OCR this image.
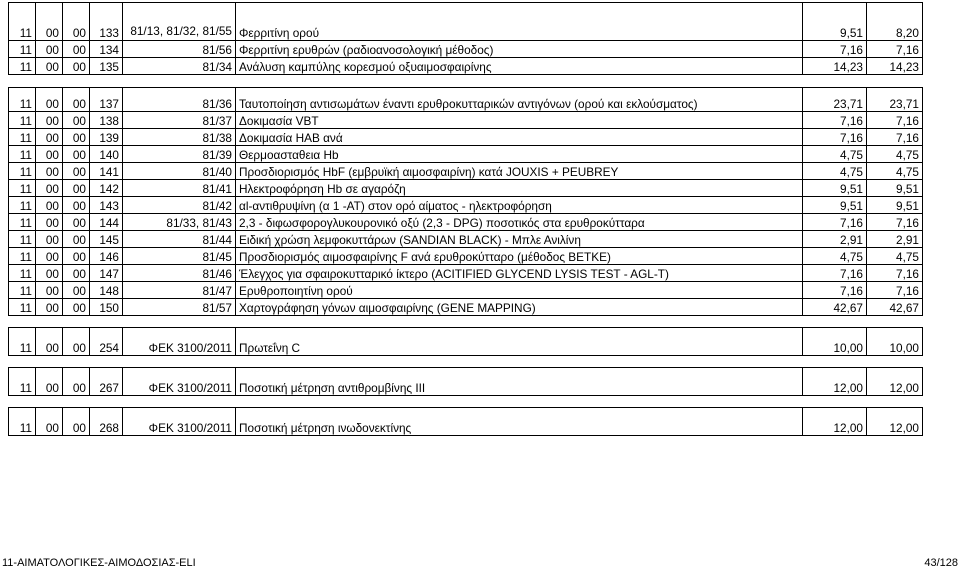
11	00	00	133	81/13, 81/32, 81/55	Φερριτίνη ορού	9,51	8,20
11	00	00	134	81/56	Φερριτίνη ερυθρών (ραδιοανοσολογική μέθοδος)	7,16	7,16
11	00	00	135	81/34	Ανάλυση καμπύλης κορεσμού οξυαιμοσφαιρίνης	14,23	14,23

11	00	00	137	81/36	Ταυτοποίηση αντισωμάτων έναντι ερυθροκυτταρικών αντιγόνων (ορού και εκλούσματος)	23,71	23,71
11	00	00	138	81/37	Δοκιμασία VBT	7,16	7,16
11	00	00	139	81/38	Δοκιμασία HAB ανά	7,16	7,16
11	00	00	140	81/39	Θερμοασταθεια Hb	4,75	4,75
11	00	00	141	81/40	Προσδιορισμός HbF (εμβρυϊκή αιμοσφαιρίνη) κατά JOUXIS + PEUBREY	4,75	4,75
11	00	00	142	81/41	Ηλεκτροφόρηση Hb σε αγαρόζη	9,51	9,51
11	00	00	143	81/42	αl-αντιθρυψίνη (α 1 -AT) στον ορό αίματος - ηλεκτροφόρηση	9,51	9,51
11	00	00	144	81/33, 81/43	2,3 - διφωσφορογλυκουρονικό οξύ (2,3 - DPG) ποσοτικός στα ερυθροκύτταρα	7,16	7,16
11	00	00	145	81/44	Ειδική χρώση λεμφοκυττάρων (SANDIAN BLACK) - Μπλε Ανιλίνη	2,91	2,91
11	00	00	146	81/45	Προσδιορισμός αιμοσφαιρίνης F ανά ερυθροκύτταρο (μέθοδος BETKE)	4,75	4,75
11	00	00	147	81/46	Έλεγχος για σφαιροκυτταρικό ίκτερο (ACITIFIED GLYCEND LYSIS TEST - AGL-T)	7,16	7,16
11	00	00	148	81/47	Ερυθροποιητίνη ορού	7,16	7,16
11	00	00	150	81/57	Χαρτογράφηση γόνων αιμοσφαιρίνης (GENE MAPPING)	42,67	42,67

11	00	00	254	ΦΕΚ 3100/2011	Πρωτεΐνη C	10,00	10,00

11	00	00	267	ΦΕΚ 3100/2011	Ποσοτική μέτρηση αντιθρομβίνης III	12,00	12,00

11	00	00	268	ΦΕΚ 3100/2011	Ποσοτική μέτρηση ινωδονεκτίνης	12,00	12,00
11-ΑΙΜΑΤΟΛΟΓΙΚΕΣ-ΑΙΜΟΔΟΣΙΑΣ-ELI	43/128
